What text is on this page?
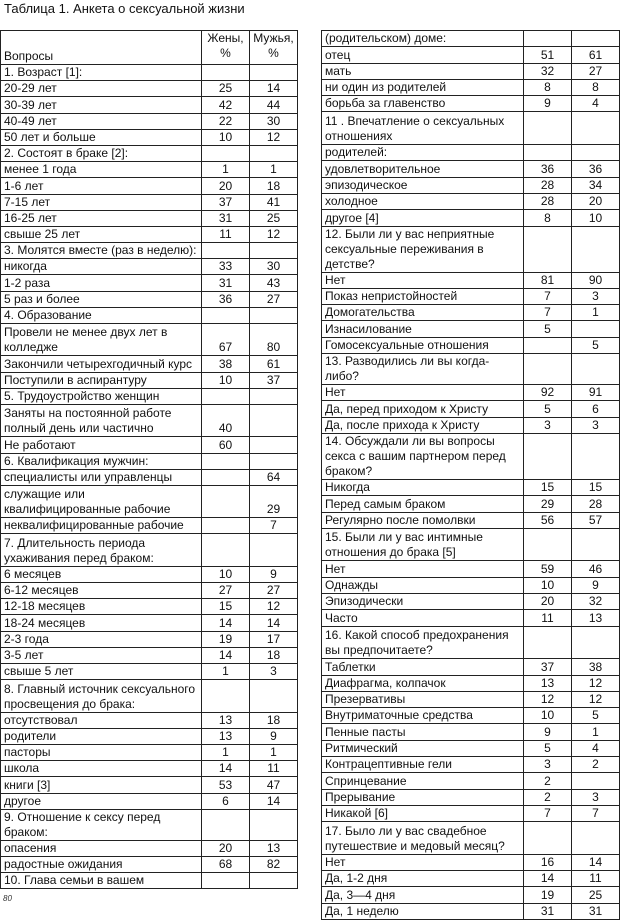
Таблица 1. Анкета о сексуальной жизни
Вопросы	Жены, %	Мужья, %
1. Возраст [1]:		
20-29 лет	25	14
30-39 лет	42	44
40-49 лет	22	30
50 лет и больше	10	12
2. Состоят в браке [2]:		
менее 1 года	1	1
1-6 лет	20	18
7-15 лет	37	41
16-25 лет	31	25
свыше 25 лет	11	12
3. Молятся вместе (раз в неделю):		
никогда	33	30
1-2 раза	31	43
5 раз и более	36	27
4. Образование		
Провели не менее двух лет в колледже	67	80
Закончили четырехгодичный курс	38	61
Поступили в аспирантуру	10	37
5. Трудоустройство женщин		
Заняты на постоянной работе полный день или частично	40	
Не работают	60	
6. Квалификация мужчин:		
специалисты или управленцы		64
служащие или квалифицированные рабочие		29
неквалифицированные рабочие		7
7. Длительность периода ухаживания перед браком:		
6 месяцев	10	9
6-12 месяцев	27	27
12-18 месяцев	15	12
18-24 месяцев	14	14
2-3 года	19	17
3-5 лет	14	18
свыше 5 лет	1	3
8. Главный источник сексуального просвещения до брака:		
отсутствовал	13	18
родители	13	9
пасторы	1	1
школа	14	11
книги [3]	53	47
другое	6	14
9. Отношение к сексу перед браком:		
опасения	20	13
радостные ожидания	68	82
10. Глава семьи в вашем		
(родительском) доме:		
отец	51	61
мать	32	27
ни один из родителей	8	8
борьба за главенство	9	4
11 . Впечатление о сексуальных отношениях		
родителей:		
удовлетворительное	36	36
эпизодическое	28	34
холодное	28	20
другое [4]	8	10
12. Были ли у вас неприятные сексуальные переживания в детстве?		
Нет	81	90
Показ непристойностей	7	3
Домогательства	7	1
Изнасилование	5	
Гомосексуальные отношения		5
13. Разводились ли вы когда-либо?		
Нет	92	91
Да, перед приходом к Христу	5	6
Да, после прихода к Христу	3	3
14. Обсуждали ли вы вопросы секса с вашим партнером перед браком?		
Никогда	15	15
Перед самым браком	29	28
Регулярно после помолвки	56	57
15. Были ли у вас интимные отношения до брака [5]		
Нет	59	46
Однажды	10	9
Эпизодически	20	32
Часто	11	13
16. Какой способ предохранения вы предпочитаете?		
Таблетки	37	38
Диафрагма, колпачок	13	12
Презервативы	12	12
Внутриматочные средства	10	5
Пенные пасты	9	1
Ритмический	5	4
Контрацептивные гели	3	2
Спринцевание	2	
Прерывание	2	3
Никакой [6]	7	7
17. Было ли у вас свадебное путешествие и медовый месяц?		
Нет	16	14
Да, 1-2 дня	14	11
Да, 3—4 дня	19	25
Да, 1 неделю	31	31
80
